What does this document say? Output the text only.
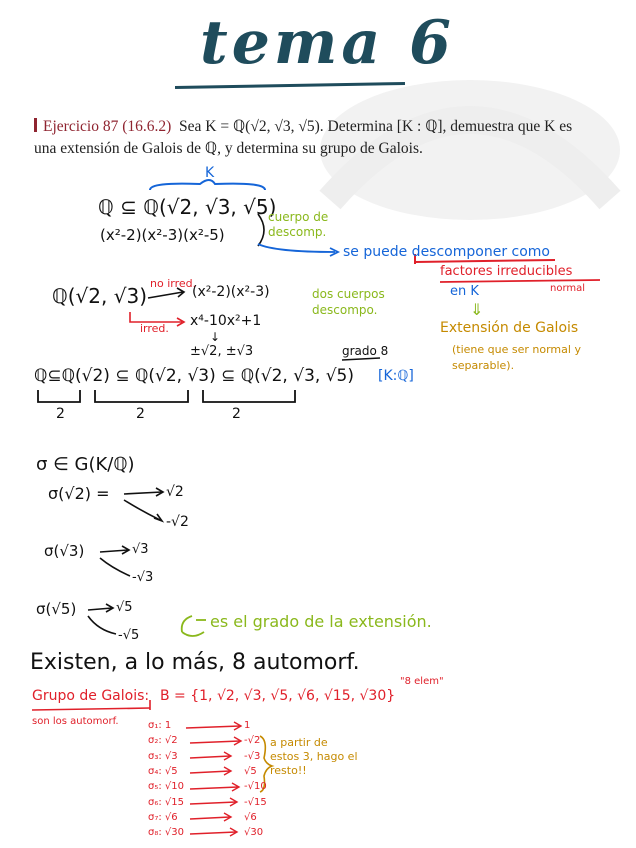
tema 6
Ejercicio 87 (16.6.2) Sea K = ℚ(√2, √3, √5). Determina [K : ℚ], demuestra que K es una extensión de Galois de ℚ, y determina su grupo de Galois.
K
ℚ ⊆ ℚ(√2, √3, √5)
(x²-2)(x²-3)(x²-5)
cuerpo de descomp.
se puede descomponer como
factores irreducibles
normal
en K
ℚ(√2, √3)
no irred.
(x²-2)(x²-3)	dos cuerpos descompo.
irred. x⁴-10x²+1
↓
±√2, ±√3
⇓
Extensión de Galois
(tiene que ser normal y separable).
grado 8
[K:ℚ]
ℚ⊆ℚ(√2) ⊆ ℚ(√2, √3) ⊆ ℚ(√2, √3, √5)
2	2	2
σ ∈ G(K/ℚ)
σ(√2) =	√2
-√2
σ(√3)	√3
-√3
σ(√5)	√5
-√5
es el grado de la extensión.
Existen, a lo más, 8 automorf.
Grupo de Galois: B = {1, √2, √3, √5, √6, √15, √30}
"8 elem"
son los automorf.
a partir de estos 3, hago el resto!!
σ₁: 1	1
σ₂: √2	-√2
σ₃: √3	-√3
σ₄: √5	√5
σ₅: √10	-√10
σ₆: √15	-√15
σ₇: √6	√6
σ₈: √30	√30
